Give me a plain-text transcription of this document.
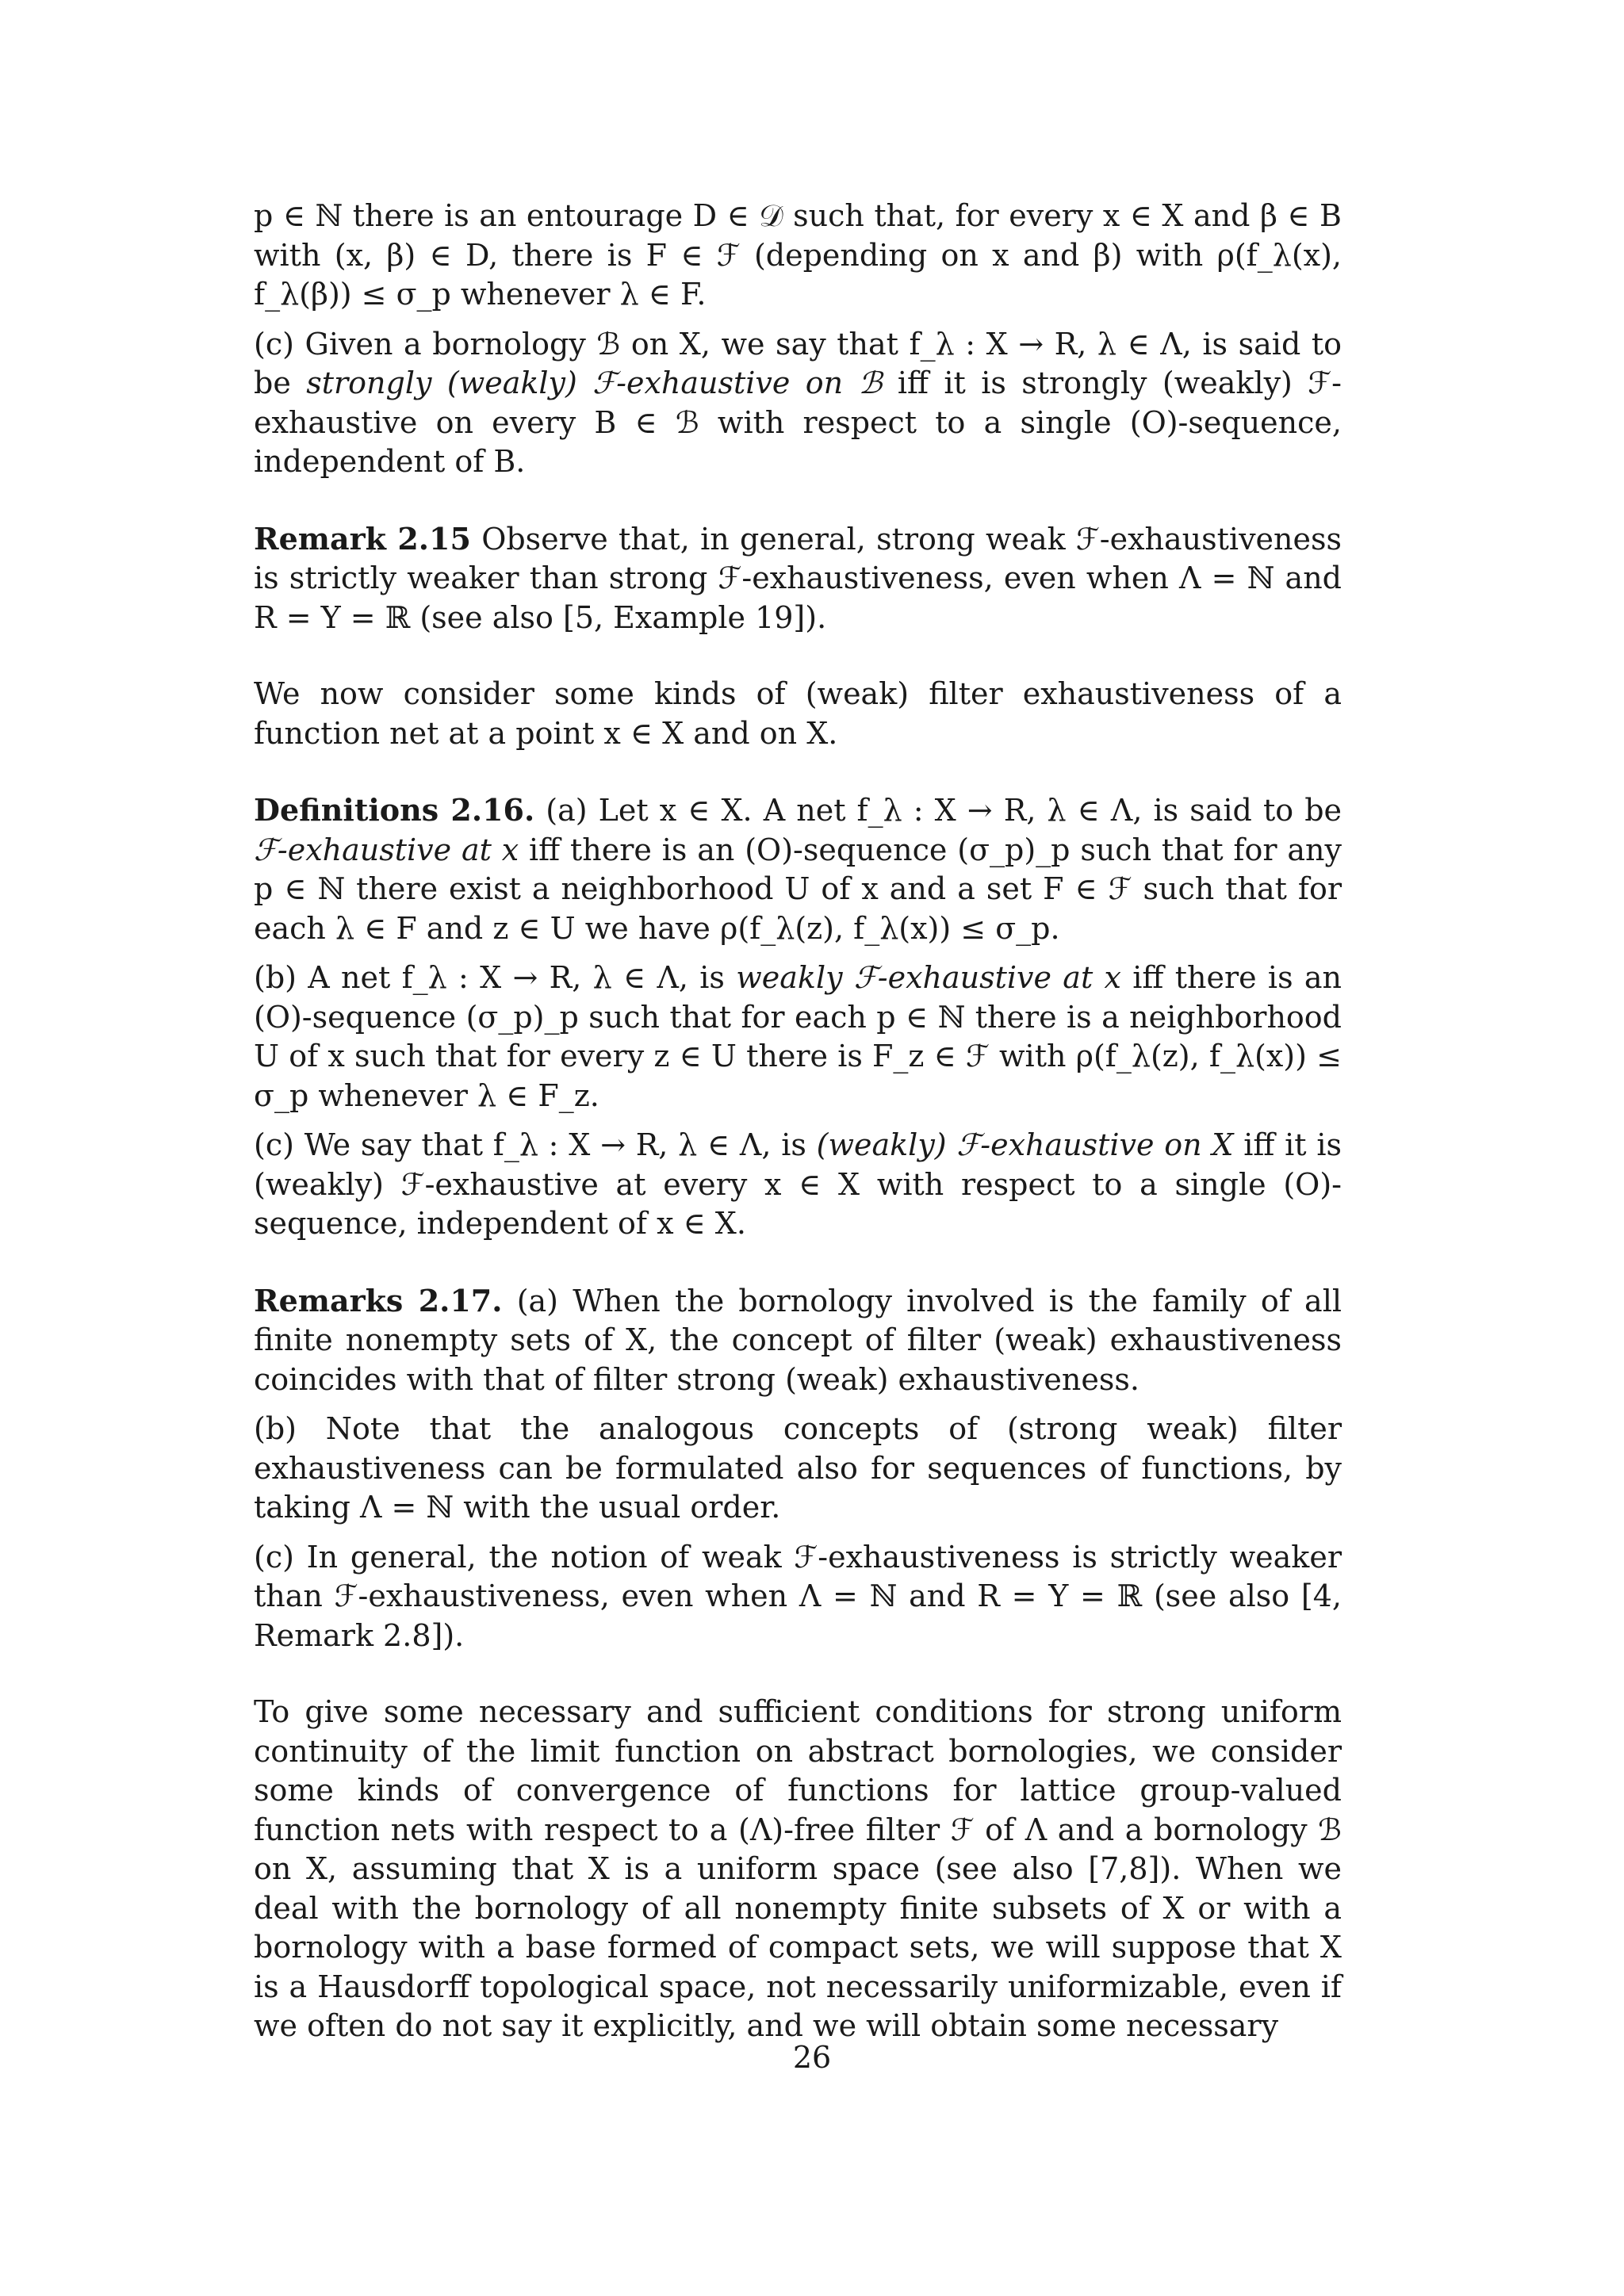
p ∈ ℕ there is an entourage D ∈ 𝒟 such that, for every x ∈ X and β ∈ B with (x, β) ∈ D, there is F ∈ ℱ (depending on x and β) with ρ(f_λ(x), f_λ(β)) ≤ σ_p whenever λ ∈ F.

(c) Given a bornology ℬ on X, we say that f_λ : X → R, λ ∈ Λ, is said to be strongly (weakly) ℱ-exhaustive on ℬ iff it is strongly (weakly) ℱ-exhaustive on every B ∈ ℬ with respect to a single (O)-sequence, independent of B.

Remark 2.15 Observe that, in general, strong weak ℱ-exhaustiveness is strictly weaker than strong ℱ-exhaustiveness, even when Λ = ℕ and R = Y = ℝ (see also [5, Example 19]).

We now consider some kinds of (weak) filter exhaustiveness of a function net at a point x ∈ X and on X.

Definitions 2.16. (a) Let x ∈ X. A net f_λ : X → R, λ ∈ Λ, is said to be ℱ-exhaustive at x iff there is an (O)-sequence (σ_p)_p such that for any p ∈ ℕ there exist a neighborhood U of x and a set F ∈ ℱ such that for each λ ∈ F and z ∈ U we have ρ(f_λ(z), f_λ(x)) ≤ σ_p.

(b) A net f_λ : X → R, λ ∈ Λ, is weakly ℱ-exhaustive at x iff there is an (O)-sequence (σ_p)_p such that for each p ∈ ℕ there is a neighborhood U of x such that for every z ∈ U there is F_z ∈ ℱ with ρ(f_λ(z), f_λ(x)) ≤ σ_p whenever λ ∈ F_z.

(c) We say that f_λ : X → R, λ ∈ Λ, is (weakly) ℱ-exhaustive on X iff it is (weakly) ℱ-exhaustive at every x ∈ X with respect to a single (O)-sequence, independent of x ∈ X.

Remarks 2.17. (a) When the bornology involved is the family of all finite nonempty sets of X, the concept of filter (weak) exhaustiveness coincides with that of filter strong (weak) exhaustiveness.

(b) Note that the analogous concepts of (strong weak) filter exhaustiveness can be formulated also for sequences of functions, by taking Λ = ℕ with the usual order.

(c) In general, the notion of weak ℱ-exhaustiveness is strictly weaker than ℱ-exhaustiveness, even when Λ = ℕ and R = Y = ℝ (see also [4, Remark 2.8]).

To give some necessary and sufficient conditions for strong uniform continuity of the limit function on abstract bornologies, we consider some kinds of convergence of functions for lattice group-valued function nets with respect to a (Λ)-free filter ℱ of Λ and a bornology ℬ on X, assuming that X is a uniform space (see also [7,8]). When we deal with the bornology of all nonempty finite subsets of X or with a bornology with a base formed of compact sets, we will suppose that X is a Hausdorff topological space, not necessarily uniformizable, even if we often do not say it explicitly, and we will obtain some necessary

26
